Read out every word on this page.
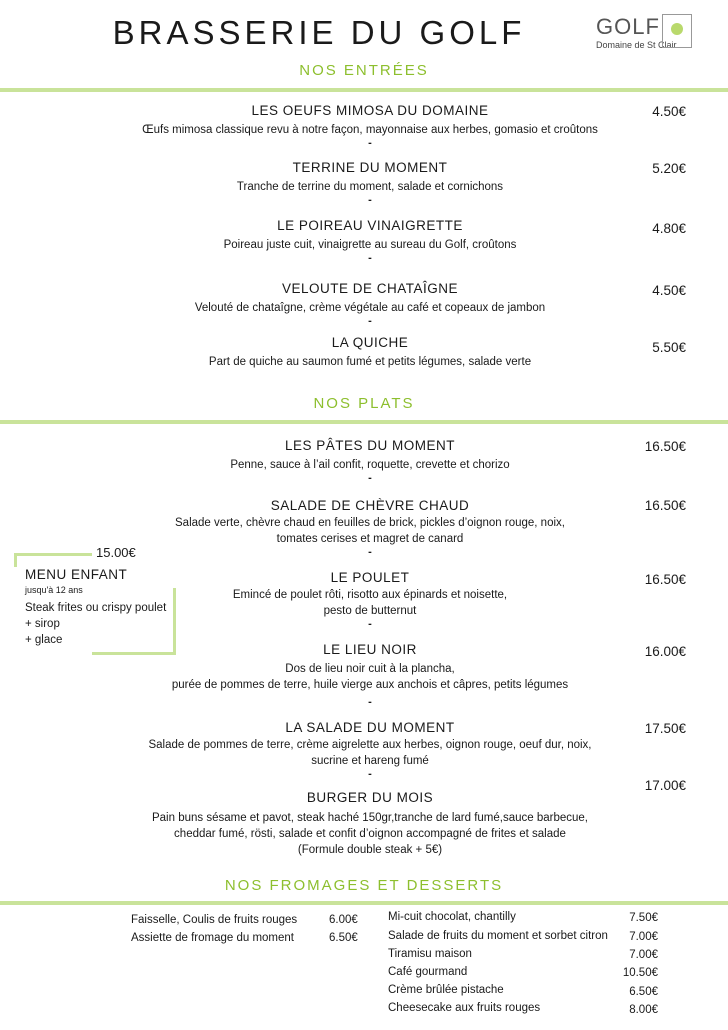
BRASSERIE DU GOLF	GOLF
Domaine de St Clair
NOS ENTRÉES
LES OEUFS MIMOSA DU DOMAINE
Œufs mimosa classique revu à notre façon, mayonnaise aux herbes, gomasio et croûtons
-
4.50€
TERRINE DU MOMENT
Tranche de terrine du moment, salade et cornichons
-
5.20€
LE POIREAU VINAIGRETTE
Poireau juste cuit, vinaigrette au sureau du Golf, croûtons
-
4.80€
VELOUTE DE CHATAÎGNE
Velouté de chataîgne, crème végétale au café et copeaux de jambon
-
4.50€
LA QUICHE
Part de quiche au saumon fumé et petits légumes, salade verte
5.50€
NOS PLATS
LES PÂTES DU MOMENT
Penne, sauce à l’ail confit, roquette, crevette et chorizo
-
16.50€
SALADE DE CHÈVRE CHAUD
Salade verte, chèvre chaud en feuilles de brick, pickles d’oignon rouge, noix,
tomates cerises et magret de canard
-
16.50€
LE POULET
Emincé de poulet rôti, risotto aux épinards et noisette,
pesto de butternut
-
16.50€
LE LIEU NOIR
Dos de lieu noir cuit à la plancha,
purée de pommes de terre, huile vierge aux anchois et câpres, petits légumes
-
16.00€
LA SALADE DU MOMENT
Salade de pommes de terre, crème aigrelette aux herbes, oignon rouge, oeuf dur, noix,
sucrine et hareng fumé
-
17.50€
BURGER DU MOIS
Pain buns sésame et pavot, steak haché 150gr,tranche de lard fumé,sauce barbecue,
cheddar fumé, rösti, salade et confit d’oignon accompagné de frites et salade
(Formule double steak + 5€)
17.00€
15.00€
MENU ENFANT
jusqu'à 12 ans
Steak frites ou crispy poulet
+ sirop
+ glace
NOS FROMAGES ET DESSERTS
Faisselle, Coulis de fruits rouges	6.00€
Assiette de fromage du moment	6.50€
Mi-cuit chocolat, chantilly	7.50€
Salade de fruits du moment et sorbet citron 7.00€
Tiramisu maison	7.00€
Café gourmand	10.50€
Crème brûlée pistache	6.50€
Cheesecake aux fruits rouges	8.00€
